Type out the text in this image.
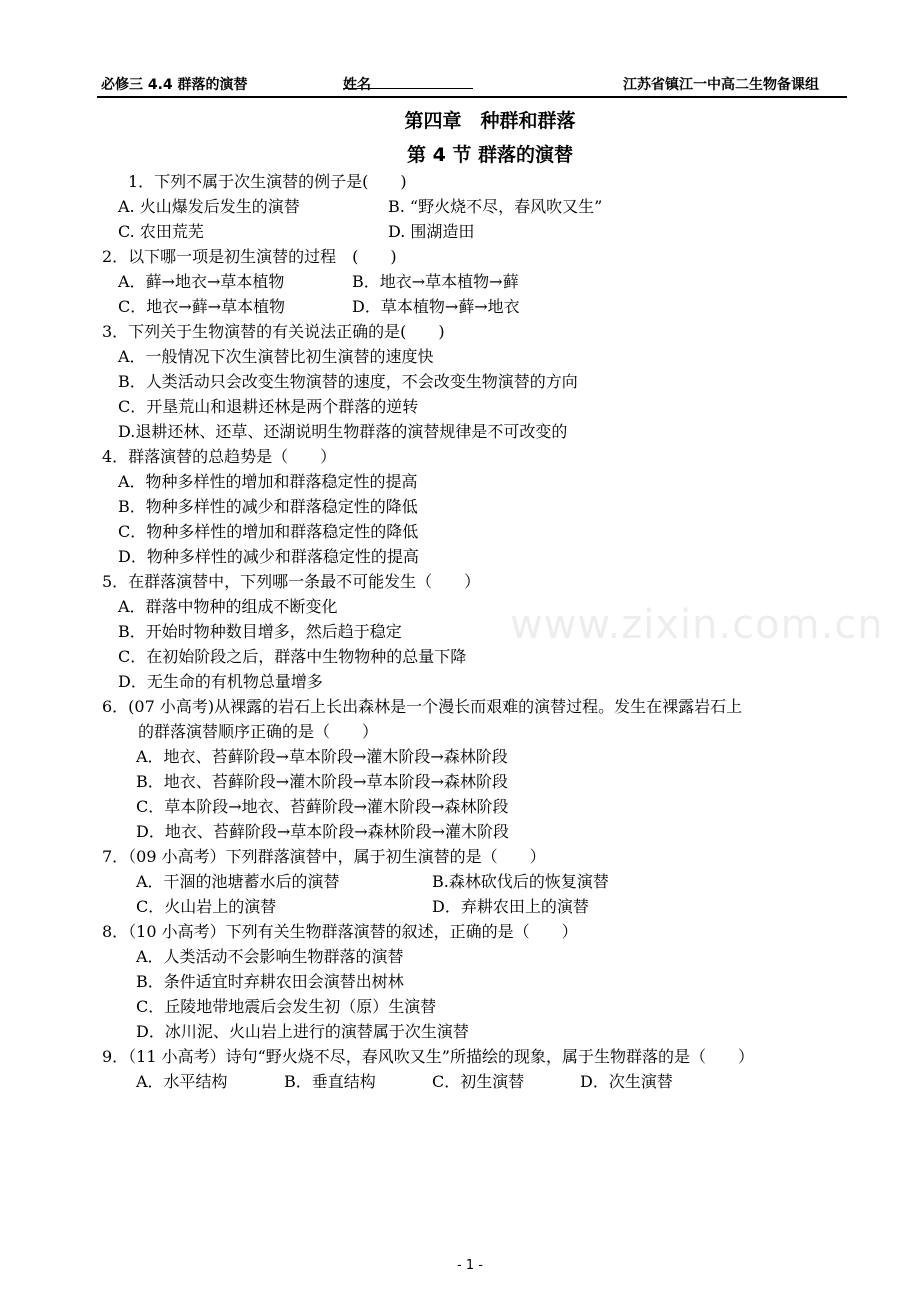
必修三 4.4 群落的演替	姓名	江苏省镇江一中高二生物备课组
第四章　种群和群落
第 4 节 群落的演替
www.zixin.com.cn
1．下列不属于次生演替的例子是(　　)
A. 火山爆发后发生的演替	B. “野火烧不尽，春风吹又生”
C. 农田荒芜	D. 围湖造田
2．以下哪一项是初生演替的过程　(　　)
A．藓→地衣→草本植物	B．地衣→草本植物→藓
C．地衣→藓→草本植物	D．草本植物→藓→地衣
3．下列关于生物演替的有关说法正确的是(　　)
A．一般情况下次生演替比初生演替的速度快
B．人类活动只会改变生物演替的速度，不会改变生物演替的方向
C．开垦荒山和退耕还林是两个群落的逆转
D.退耕还林、还草、还湖说明生物群落的演替规律是不可改变的
4．群落演替的总趋势是（　　）
A．物种多样性的增加和群落稳定性的提高
B．物种多样性的减少和群落稳定性的降低
C．物种多样性的增加和群落稳定性的降低
D．物种多样性的减少和群落稳定性的提高
5．在群落演替中，下列哪一条最不可能发生（　　）
A．群落中物种的组成不断变化
B．开始时物种数目增多，然后趋于稳定
C．在初始阶段之后，群落中生物物种的总量下降
D．无生命的有机物总量增多
6．(07 小高考)从裸露的岩石上长出森林是一个漫长而艰难的演替过程。发生在裸露岩石上
的群落演替顺序正确的是（　　）
A．地衣、苔藓阶段→草本阶段→灌木阶段→森林阶段
B．地衣、苔藓阶段→灌木阶段→草本阶段→森林阶段
C．草本阶段→地衣、苔藓阶段→灌木阶段→森林阶段
D．地衣、苔藓阶段→草本阶段→森林阶段→灌木阶段
7．（09 小高考）下列群落演替中，属于初生演替的是（　　）
A．干涸的池塘蓄水后的演替	B.森林砍伐后的恢复演替
C．火山岩上的演替	D．弃耕农田上的演替
8．（10 小高考）下列有关生物群落演替的叙述，正确的是（　　）
A．人类活动不会影响生物群落的演替
B．条件适宜时弃耕农田会演替出树林
C．丘陵地带地震后会发生初（原）生演替
D．冰川泥、火山岩上进行的演替属于次生演替
9．（11 小高考）诗句“野火烧不尽，春风吹又生”所描绘的现象，属于生物群落的是（　　）
A．水平结构	B．垂直结构	C．初生演替	D．次生演替
- 1 -
